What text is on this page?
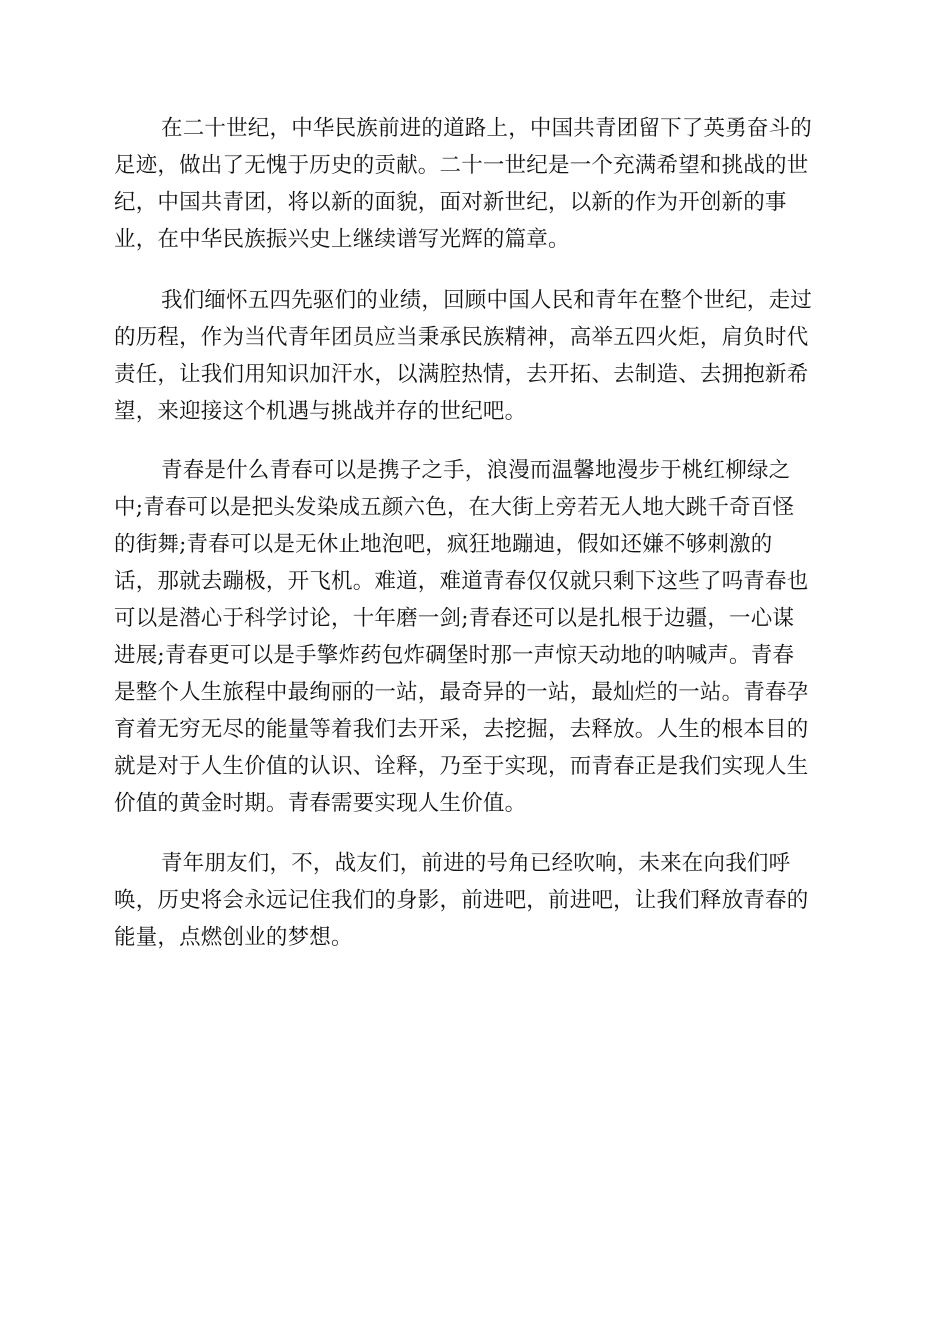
在二十世纪，中华民族前进的道路上，中国共青团留下了英勇奋斗的
足迹，做出了无愧于历史的贡献。二十一世纪是一个充满希望和挑战的世
纪，中国共青团，将以新的面貌，面对新世纪，以新的作为开创新的事
业，在中华民族振兴史上继续谱写光辉的篇章。
我们缅怀五四先驱们的业绩，回顾中国人民和青年在整个世纪，走过
的历程，作为当代青年团员应当秉承民族精神，高举五四火炬，肩负时代
责任，让我们用知识加汗水，以满腔热情，去开拓、去制造、去拥抱新希
望，来迎接这个机遇与挑战并存的世纪吧。
青春是什么青春可以是携子之手，浪漫而温馨地漫步于桃红柳绿之
中;青春可以是把头发染成五颜六色，在大街上旁若无人地大跳千奇百怪
的街舞;青春可以是无休止地泡吧，疯狂地蹦迪，假如还嫌不够刺激的
话，那就去蹦极，开飞机。难道，难道青春仅仅就只剩下这些了吗青春也
可以是潜心于科学讨论，十年磨一剑;青春还可以是扎根于边疆，一心谋
进展;青春更可以是手擎炸药包炸碉堡时那一声惊天动地的呐喊声。青春
是整个人生旅程中最绚丽的一站，最奇异的一站，最灿烂的一站。青春孕
育着无穷无尽的能量等着我们去开采，去挖掘，去释放。人生的根本目的
就是对于人生价值的认识、诠释，乃至于实现，而青春正是我们实现人生
价值的黄金时期。青春需要实现人生价值。
青年朋友们，不，战友们，前进的号角已经吹响，未来在向我们呼
唤，历史将会永远记住我们的身影，前进吧，前进吧，让我们释放青春的
能量，点燃创业的梦想。
